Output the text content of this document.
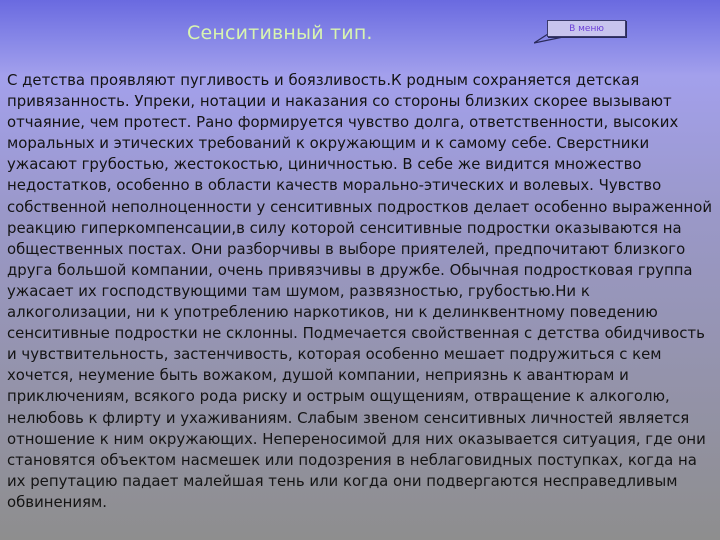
Сенситивный тип.	В меню

С детства проявляют пугливость и боязливость.К родным сохраняется детская привязанность. Упреки, нотации и наказания со стороны близких скорее вызывают отчаяние, чем протест. Рано формируется чувство долга, ответственности, высоких моральных и этических требований к окружающим и к самому себе. Сверстники ужасают грубостью, жестокостью, циничностью. В себе же видится множество недостатков, особенно в области качеств морально-этических и волевых. Чувство собственной неполноценности у сенситивных подростков делает особенно выраженной реакцию гиперкомпенсации,в силу которой сенситивные подростки оказываются на общественных постах. Они разборчивы в выборе приятелей, предпочитают близкого друга большой компании, очень привязчивы в дружбе. Обычная подростковая группа ужасает их господствующими там шумом, развязностью, грубостью.Ни к алкоголизации, ни к употреблению наркотиков, ни к делинквентному поведению сенситивные подростки не склонны. Подмечается свойственная с детства обидчивость и чувствительность, застенчивость, которая особенно мешает подружиться с кем хочется, неумение быть вожаком, душой компании, неприязнь к авантюрам и приключениям, всякого рода риску и острым ощущениям, отвращение к алкоголю, нелюбовь к флирту и ухаживаниям. Слабым звеном сенситивных личностей является отношение к ним окружающих. Непереносимой для них оказывается ситуация, где они становятся объектом насмешек или подозрения в неблаговидных поступках, когда на их репутацию падает малейшая тень или когда они подвергаются несправедливым обвинениям.
